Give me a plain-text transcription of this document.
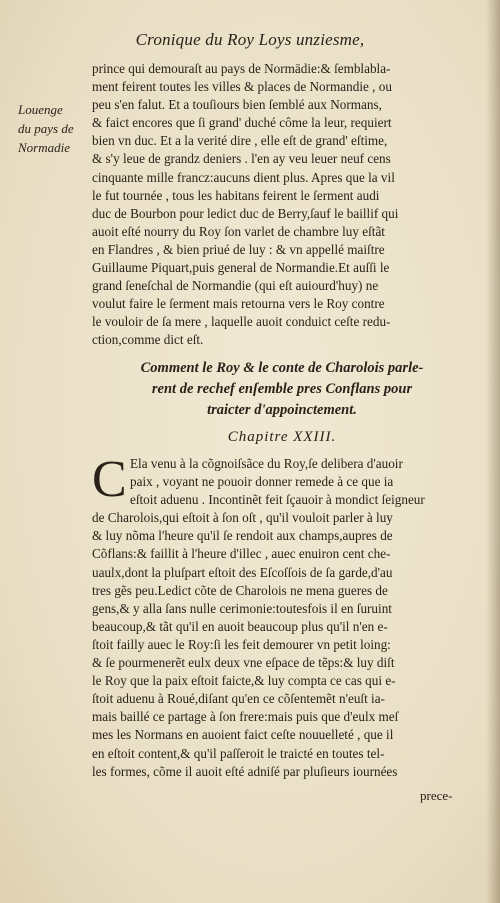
Cronique du Roy Loys unziesme,
Louenge
du pays de
Normadie
prince qui demouraſt au pays de Normādie:& ſemblabla-
ment feirent toutes les villes & places de Normandie , ou
peu s'en falut. Et a touſiours bien ſemblé aux Normans,
& faict encores que ſi grand' duché côme la leur, requiert
bien vn duc. Et a la verité dire , elle eſt de grand' eſtime,
& s'y leue de grandz deniers . l'en ay veu leuer neuf cens
cinquante mille francz:aucuns dient plus. Apres que la vil
le fut tournée , tous les habitans feirent le ſerment audi
duc de Bourbon pour ledict duc de Berry,ſauf le baillif qui
auoit eſté nourry du Roy ſon varlet de chambre luy eſtãt
en Flandres , & bien priué de luy : & vn appellé maiſtre
Guillaume Piquart,puis general de Normandie.Et auſſi le
grand ſeneſchal de Normandie (qui eſt auiourd'huy) ne
voulut faire le ſerment mais retourna vers le Roy contre
le vouloir de ſa mere , laquelle auoit conduict ceſte redu-
ction,comme dict eſt.
Comment le Roy & le conte de Charolois parle-
rent de rechef enſemble pres Conflans pour
traicter d'appoinctement.
Chapitre XXIII.
C Ela venu à la cõgnoiſsãce du Roy,ſe delibera d'auoir
paix , voyant ne pouoir donner remede à ce que ia
eſtoit aduenu . Incontinẽt feit ſçauoir à mondict ſeigneur
de Charolois,qui eſtoit à ſon oſt , qu'il vouloit parler à luy
& luy nõma l'heure qu'il ſe rendoit aux champs,aupres de
Cõflans:& faillit à l'heure d'illec , auec enuiron cent che-
uaulx,dont la pluſpart eſtoit des Eſcoſſois de ſa garde,d'au
tres gẽs peu.Ledict cõte de Charolois ne mena gueres de
gens,& y alla ſans nulle cerimonie:toutesfois il en ſuruint
beaucoup,& tãt qu'il en auoit beaucoup plus qu'il n'en e-
ſtoit failly auec le Roy:ſi les feit demourer vn petit loing:
& ſe pourmenerẽt eulx deux vne eſpace de tẽps:& luy diſt
le Roy que la paix eſtoit faicte,& luy compta ce cas qui e-
ſtoit aduenu à Roué,diſant qu'en ce cõſentemẽt n'euſt ia-
mais baillé ce partage à ſon frere:mais puis que d'eulx meſ
mes les Normans en auoient faict ceſte nouuelleté , que il
en eſtoit content,& qu'il paſſeroit le traicté en toutes tel-
les formes, cõme il auoit eſté adniſé par pluſieurs iournées
prece-
